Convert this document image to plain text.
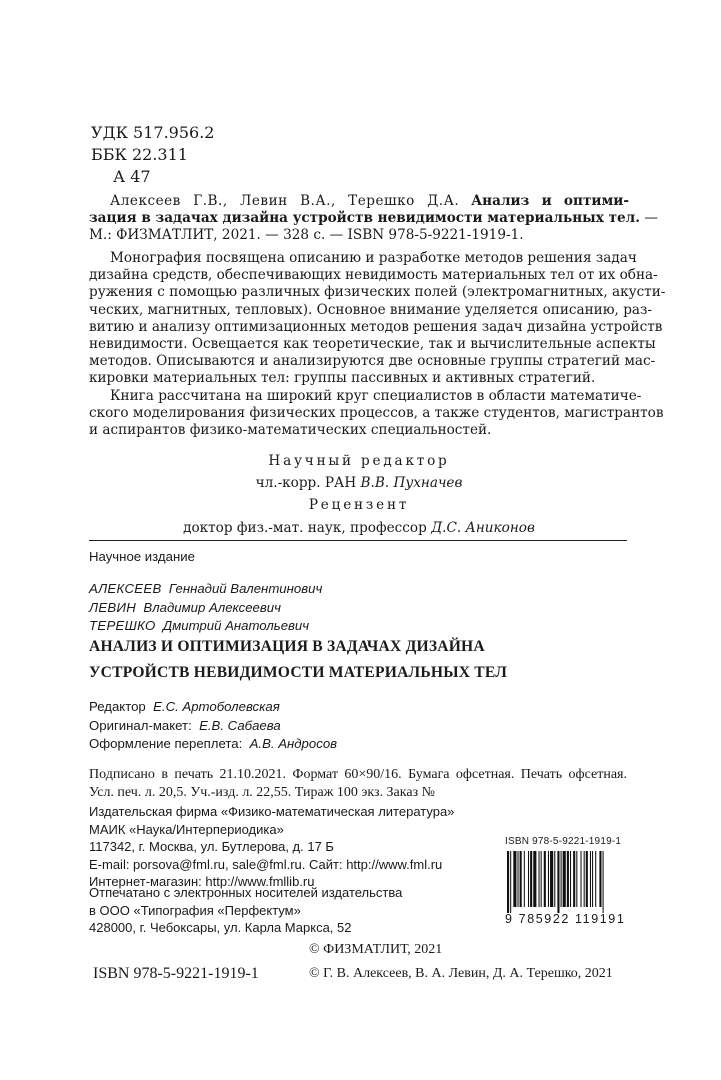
УДК 517.956.2
ББК 22.311
А 47
Алексеев Г.В., Левин В.А., Терешко Д.А. Анализ и оптими-
зация в задачах дизайна устройств невидимости материальных тел. —
М.: ФИЗМАТЛИТ, 2021. — 328 с. — ISBN 978-5-9221-1919-1.
Монография посвящена описанию и разработке методов решения задач
дизайна средств, обеспечивающих невидимость материальных тел от их обна-
ружения с помощью различных физических полей (электромагнитных, акусти-
ческих, магнитных, тепловых). Основное внимание уделяется описанию, раз-
витию и анализу оптимизационных методов решения задач дизайна устройств
невидимости. Освещается как теоретические, так и вычислительные аспекты
методов. Описываются и анализируются две основные группы стратегий мас-
кировки материальных тел: группы пассивных и активных стратегий.
Книга рассчитана на широкий круг специалистов в области математиче-
ского моделирования физических процессов, а также студентов, магистрантов
и аспирантов физико-математических специальностей.
Научный редактор
чл.-корр. РАН В.В. Пухначев
Рецензент
доктор физ.-мат. наук, профессор Д.С. Аниконов
Научное издание
АЛЕКСЕЕВ Геннадий Валентинович
ЛЕВИН Владимир Алексеевич
ТЕРЕШКО Дмитрий Анатольевич
АНАЛИЗ И ОПТИМИЗАЦИЯ В ЗАДАЧАХ ДИЗАЙНА
УСТРОЙСТВ НЕВИДИМОСТИ МАТЕРИАЛЬНЫХ ТЕЛ
Редактор Е.С. Артоболевская
Оригинал-макет: Е.В. Сабаева
Оформление переплета: А.В. Андросов
Подписано в печать 21.10.2021. Формат 60×90/16. Бумага офсетная. Печать офсетная.
Усл. печ. л. 20,5. Уч.-изд. л. 22,55. Тираж 100 экз. Заказ №
Издательская фирма «Физико-математическая литература»
МАИК «Наука/Интерпериодика»
117342, г. Москва, ул. Бутлерова, д. 17 Б
E-mail: porsova@fml.ru, sale@fml.ru. Сайт: http://www.fml.ru
Интернет-магазин: http://www.fmllib.ru
Отпечатано с электронных носителей издательства
в ООО «Типография «Перфектум»
428000, г. Чебоксары, ул. Карла Маркса, 52
ISBN 978-5-9221-1919-1
9 785922 119191
© ФИЗМАТЛИТ, 2021
ISBN 978-5-9221-1919-1	© Г. В. Алексеев, В. А. Левин, Д. А. Терешко, 2021
